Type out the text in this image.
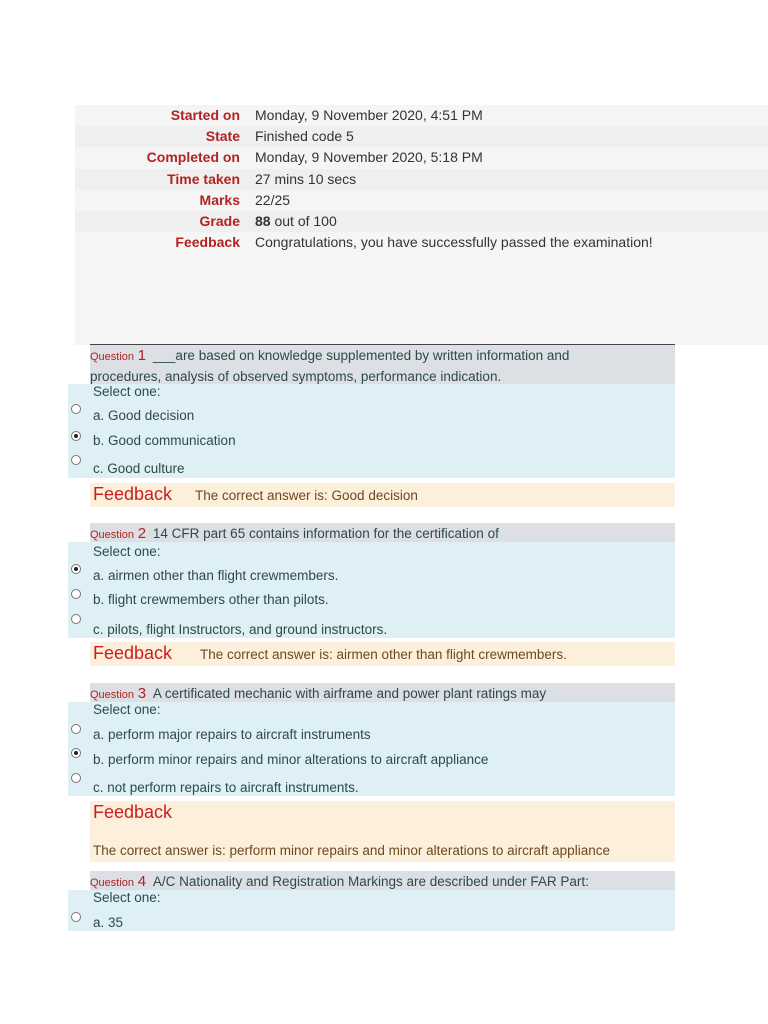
Started on Monday, 9 November 2020, 4:51 PM
State Finished code 5
Completed on Monday, 9 November 2020, 5:18 PM
Time taken 27 mins 10 secs
Marks 22/25
Grade 88 out of 100
Feedback Congratulations, you have successfully passed the examination!
Question 1 ___are based on knowledge supplemented by written information and
procedures, analysis of observed symptoms, performance indication.
Select one:
a. Good decision
b. Good communication
c. Good culture
Feedback The correct answer is: Good decision
Question 2 14 CFR part 65 contains information for the certification of
Select one:
a. airmen other than flight crewmembers.
b. flight crewmembers other than pilots.
c. pilots, flight Instructors, and ground instructors.
Feedback The correct answer is: airmen other than flight crewmembers.
Question 3 A certificated mechanic with airframe and power plant ratings may
Select one:
a. perform major repairs to aircraft instruments
b. perform minor repairs and minor alterations to aircraft appliance
c. not perform repairs to aircraft instruments.
Feedback
The correct answer is: perform minor repairs and minor alterations to aircraft appliance
Question 4 A/C Nationality and Registration Markings are described under FAR Part:
Select one:
a. 35
